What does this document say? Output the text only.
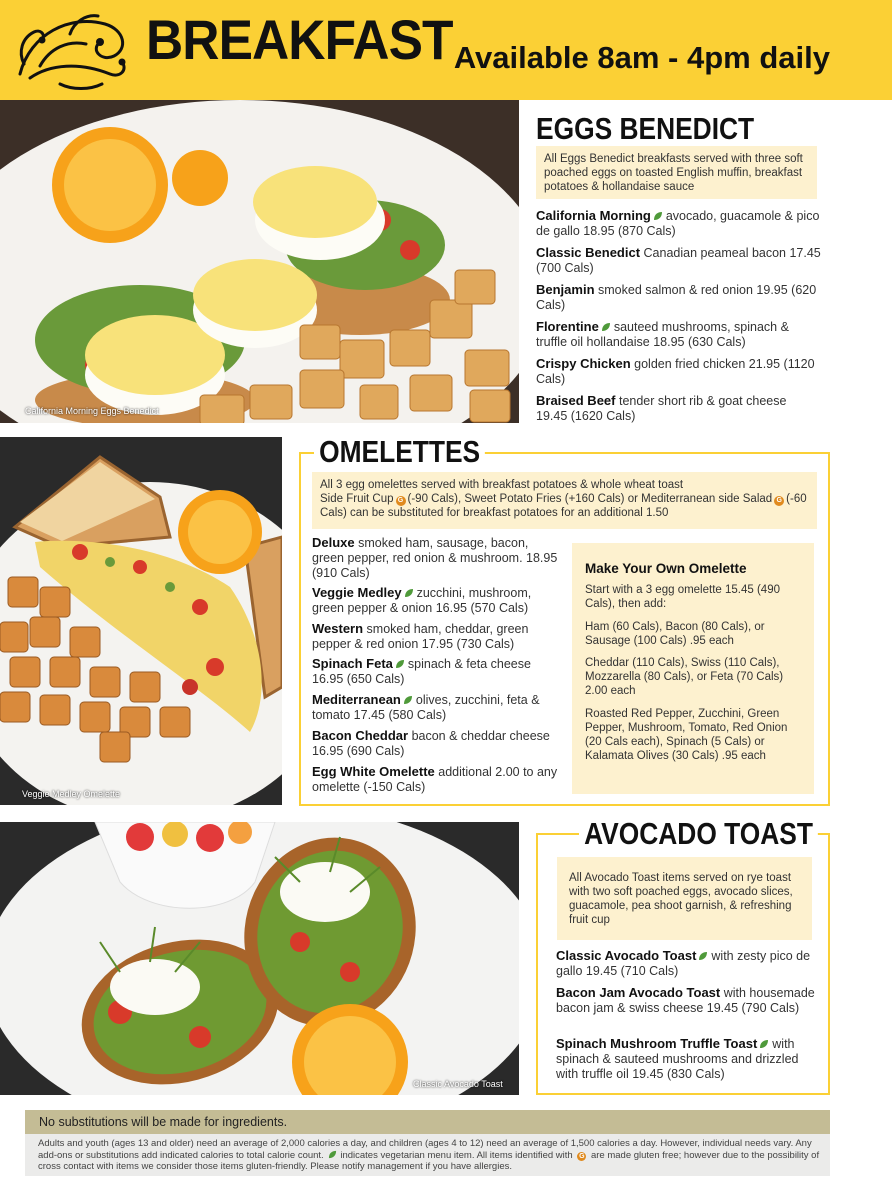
BREAKFAST Available 8am - 4pm daily
California Morning Eggs Benedict
EGGS BENEDICT
All Eggs Benedict breakfasts served with three soft poached eggs on toasted English muffin, breakfast potatoes & hollandaise sauce
California Morning avocado, guacamole & pico de gallo 18.95 (870 Cals)
Classic Benedict Canadian peameal bacon 17.45 (700 Cals)
Benjamin smoked salmon & red onion 19.95 (620 Cals)
Florentine sauteed mushrooms, spinach & truffle oil hollandaise 18.95 (630 Cals)
Crispy Chicken golden fried chicken 21.95 (1120 Cals)
Braised Beef tender short rib & goat cheese 19.45 (1620 Cals)
Veggie Medley Omelette
OMELETTES
All 3 egg omelettes served with breakfast potatoes & whole wheat toast
Side Fruit Cup G (-90 Cals), Sweet Potato Fries (+160 Cals) or Mediterranean side Salad G (-60 Cals) can be substituted for breakfast potatoes for an additional 1.50
Deluxe smoked ham, sausage, bacon, green pepper, red onion & mushroom. 18.95 (910 Cals)
Veggie Medley zucchini, mushroom, green pepper & onion 16.95 (570 Cals)
Western smoked ham, cheddar, green pepper & red onion 17.95 (730 Cals)
Spinach Feta spinach & feta cheese 16.95 (650 Cals)
Mediterranean olives, zucchini, feta & tomato 17.45 (580 Cals)
Bacon Cheddar bacon & cheddar cheese 16.95 (690 Cals)
Egg White Omelette additional 2.00 to any omelette (-150 Cals)
Make Your Own Omelette
Start with a 3 egg omelette 15.45 (490 Cals), then add:
Ham (60 Cals), Bacon (80 Cals), or Sausage (100 Cals) .95 each
Cheddar (110 Cals), Swiss (110 Cals), Mozzarella (80 Cals), or Feta (70 Cals) 2.00 each
Roasted Red Pepper, Zucchini, Green Pepper, Mushroom, Tomato, Red Onion (20 Cals each), Spinach (5 Cals) or Kalamata Olives (30 Cals) .95 each
Classic Avocado Toast
AVOCADO TOAST
All Avocado Toast items served on rye toast with two soft poached eggs, avocado slices, guacamole, pea shoot garnish, & refreshing fruit cup
Classic Avocado Toast with zesty pico de gallo 19.45 (710 Cals)
Bacon Jam Avocado Toast with housemade bacon jam & swiss cheese 19.45 (790 Cals)
Spinach Mushroom Truffle Toast with spinach & sauteed mushrooms and drizzled with truffle oil 19.45 (830 Cals)
No substitutions will be made for ingredients.

Adults and youth (ages 13 and older) need an average of 2,000 calories a day, and children (ages 4 to 12) need an average of 1,500 calories a day. However, individual needs vary. Any add-ons or substitutions add indicated calories to total calorie count. indicates vegetarian menu item. All items identified with G are made gluten free; however due to the possibility of cross contact with items we consider those items gluten-friendly. Please notify management if you have allergies.
